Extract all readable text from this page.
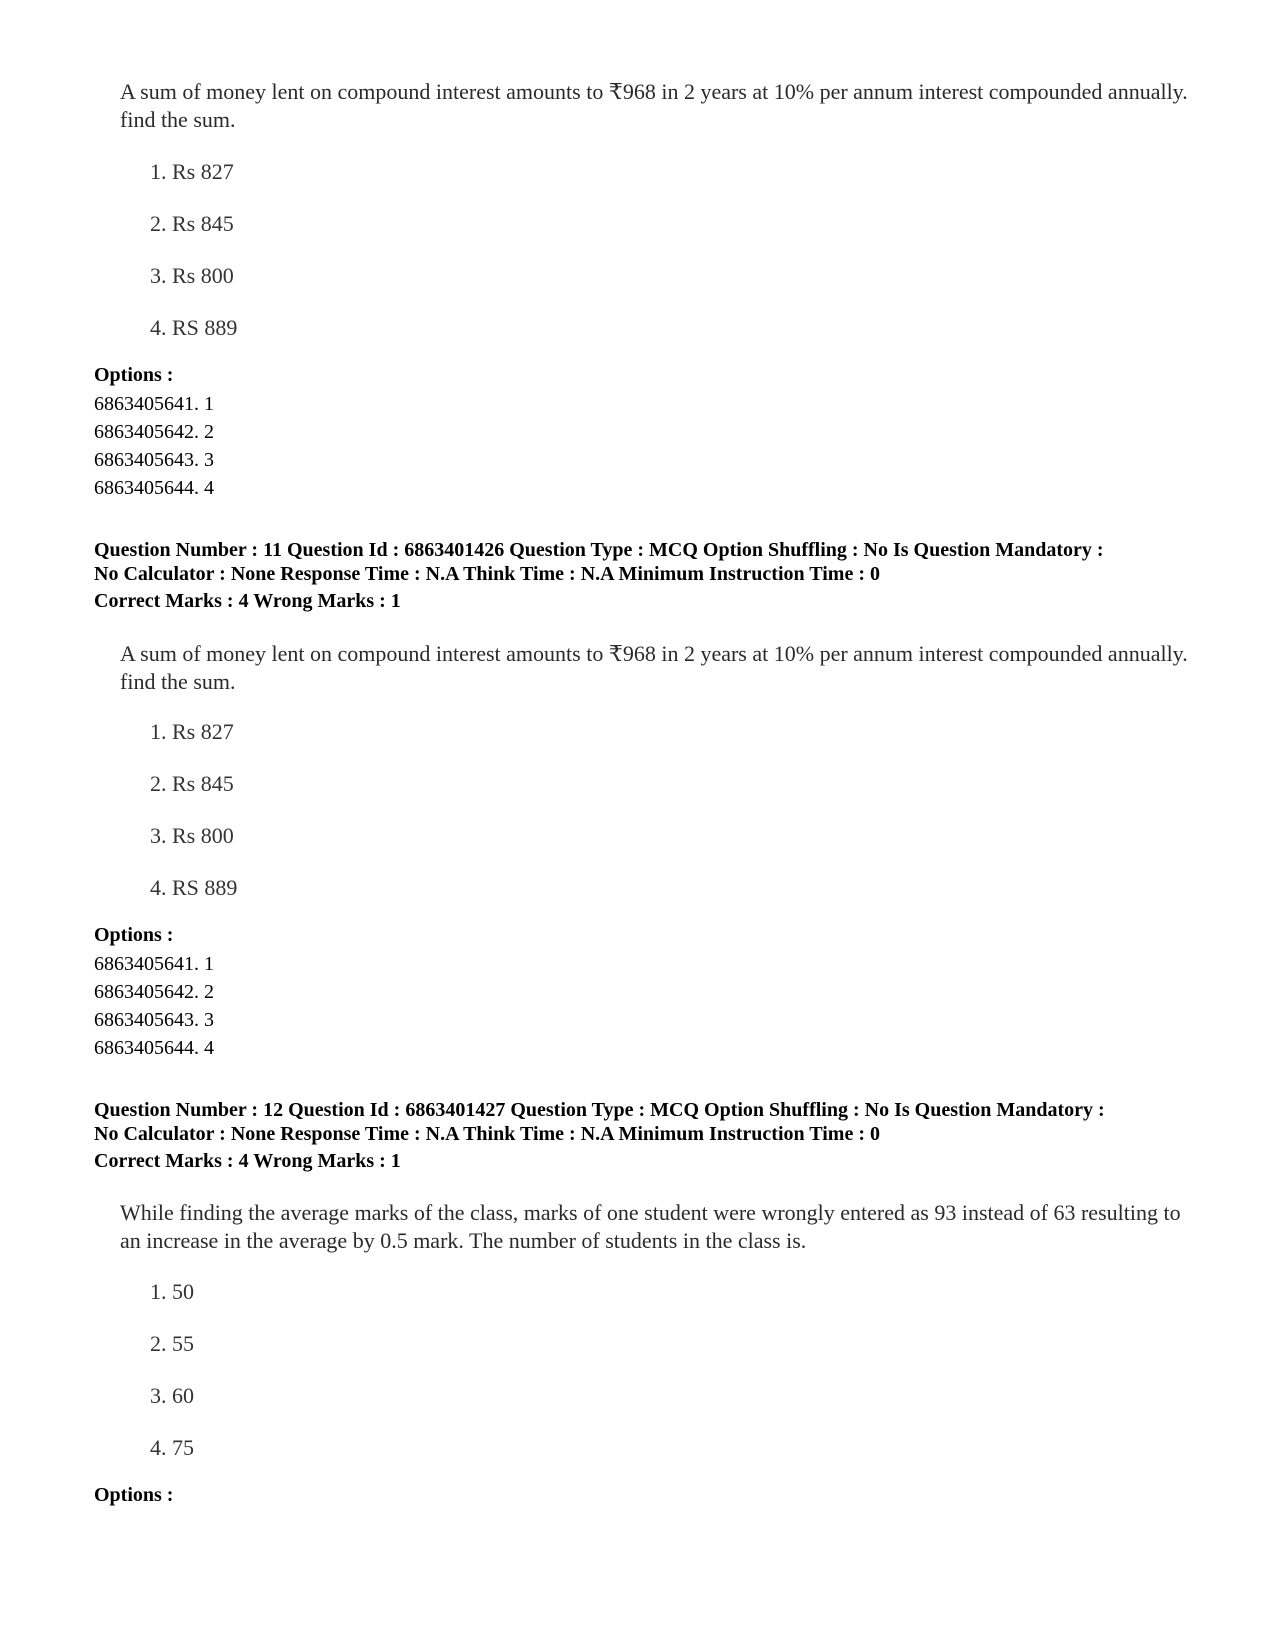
A sum of money lent on compound interest amounts to ₹968 in 2 years at 10% per annum interest compounded annually. find the sum.

1. Rs 827
2. Rs 845
3. Rs 800
4. RS 889
Options :
6863405641. 1
6863405642. 2
6863405643. 3
6863405644. 4

Question Number : 11 Question Id : 6863401426 Question Type : MCQ Option Shuffling : No Is Question Mandatory :

No Calculator : None Response Time : N.A Think Time : N.A Minimum Instruction Time : 0

Correct Marks : 4 Wrong Marks : 1

A sum of money lent on compound interest amounts to ₹968 in 2 years at 10% per annum interest compounded annually. find the sum.

1. Rs 827
2. Rs 845
3. Rs 800
4. RS 889
Options :
6863405641. 1
6863405642. 2
6863405643. 3
6863405644. 4

Question Number : 12 Question Id : 6863401427 Question Type : MCQ Option Shuffling : No Is Question Mandatory :

No Calculator : None Response Time : N.A Think Time : N.A Minimum Instruction Time : 0

Correct Marks : 4 Wrong Marks : 1

While finding the average marks of the class, marks of one student were wrongly entered as 93 instead of 63 resulting to an increase in the average by 0.5 mark. The number of students in the class is.

1. 50
2. 55
3. 60
4. 75
Options :
